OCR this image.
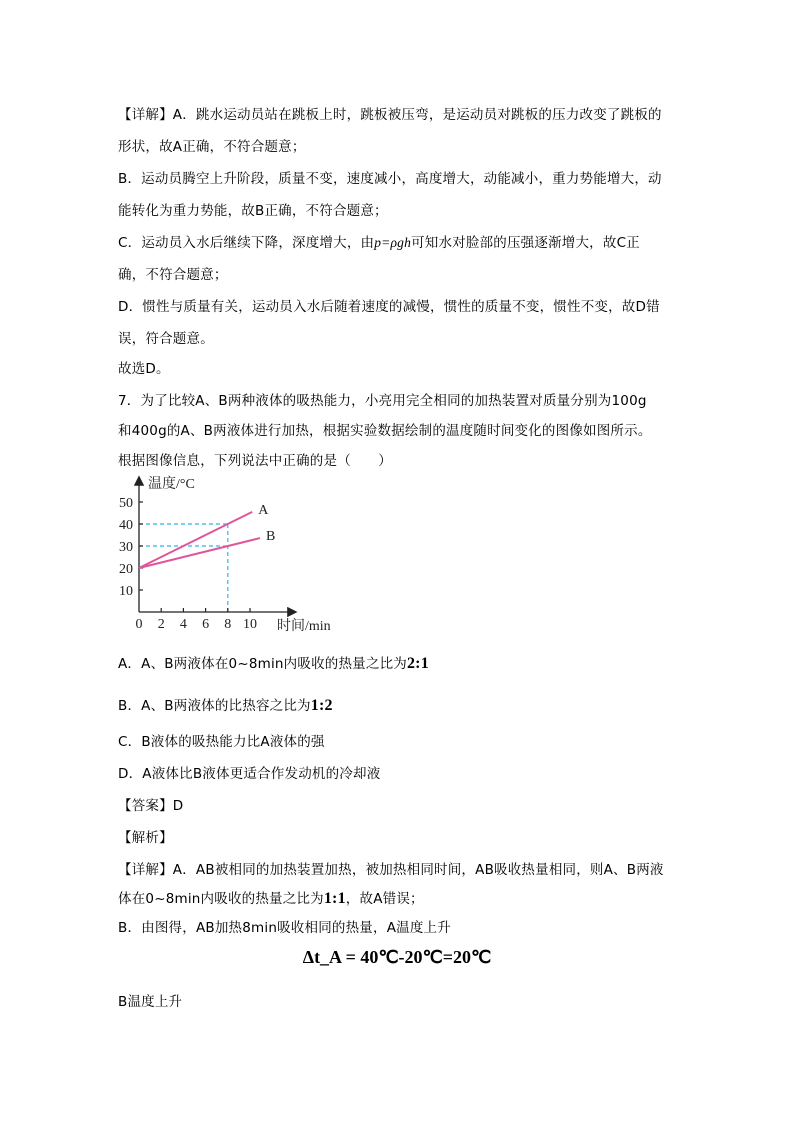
【详解】A．跳水运动员站在跳板上时，跳板被压弯，是运动员对跳板的压力改变了跳板的
形状，故A正确，不符合题意；
B．运动员腾空上升阶段，质量不变，速度减小，高度增大，动能减小，重力势能增大，动
能转化为重力势能，故B正确，不符合题意；
C．运动员入水后继续下降，深度增大，由p=ρgh可知水对脸部的压强逐渐增大，故C正
确，不符合题意；
D．惯性与质量有关，运动员入水后随着速度的减慢，惯性的质量不变，惯性不变，故D错
误，符合题意。
故选D。
7．为了比较A、B两种液体的吸热能力，小亮用完全相同的加热装置对质量分别为100g
和400g的A、B两液体进行加热，根据实验数据绘制的温度随时间变化的图像如图所示。
根据图像信息，下列说法中正确的是（　　）
0 2 4 6 8 10
10
20
30
40
50	A
B
温度/°C
时间/min
A．A、B两液体在0~8min内吸收的热量之比为2:1
B．A、B两液体的比热容之比为1:2
C．B液体的吸热能力比A液体的强
D．A液体比B液体更适合作发动机的冷却液
【答案】D
【解析】
【详解】A．AB被相同的加热装置加热，被加热相同时间，AB吸收热量相同，则A、B两液
体在0~8min内吸收的热量之比为1:1，故A错误；
B．由图得，AB加热8min吸收相同的热量，A温度上升
Δt_A = 40℃-20℃=20℃
B温度上升
